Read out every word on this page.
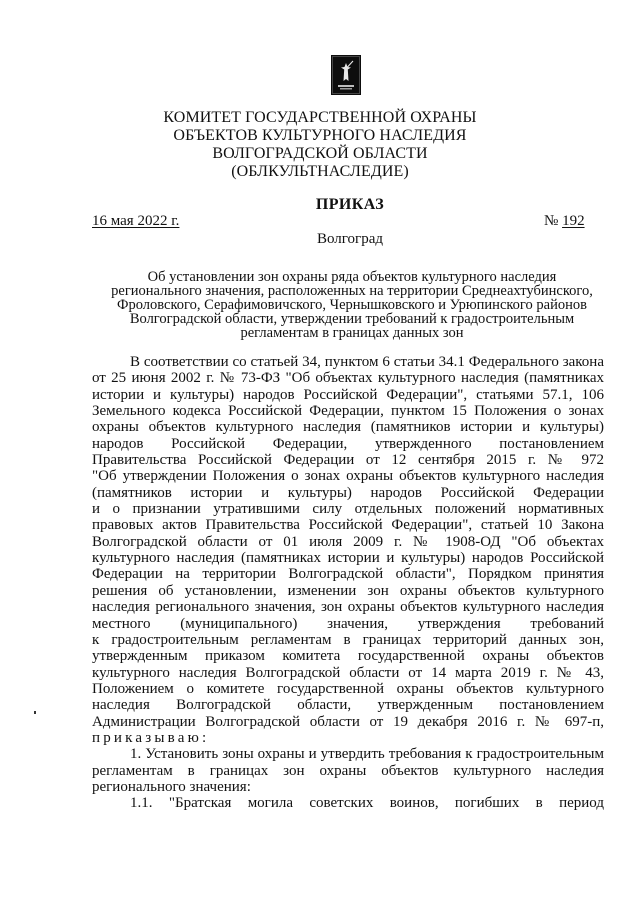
КОМИТЕТ ГОСУДАРСТВЕННОЙ ОХРАНЫ
ОБЪЕКТОВ КУЛЬТУРНОГО НАСЛЕДИЯ
ВОЛГОГРАДСКОЙ ОБЛАСТИ
(ОБЛКУЛЬТНАСЛЕДИЕ)
ПРИКАЗ
16 мая 2022 г.	№ 192
Волгоград
Об установлении зон охраны ряда объектов культурного наследия
регионального значения, расположенных на территории Среднеахтубинского,
Фроловского, Серафимовичского, Чернышковского и Урюпинского районов
Волгоградской области, утверждении требований к градостроительным
регламентам в границах данных зон
В соответствии со статьей 34, пунктом 6 статьи 34.1 Федерального закона
от 25 июня 2002 г. № 73-ФЗ "Об объектах культурного наследия (памятниках
истории и культуры) народов Российской Федерации", статьями 57.1, 106
Земельного кодекса Российской Федерации, пунктом 15 Положения о зонах
охраны объектов культурного наследия (памятников истории и культуры)
народов Российской Федерации, утвержденного постановлением
Правительства Российской Федерации от 12 сентября 2015 г. № 972
"Об утверждении Положения о зонах охраны объектов культурного наследия
(памятников истории и культуры) народов Российской Федерации
и о признании утратившими силу отдельных положений нормативных
правовых актов Правительства Российской Федерации", статьей 10 Закона
Волгоградской области от 01 июля 2009 г. № 1908-ОД "Об объектах
культурного наследия (памятниках истории и культуры) народов Российской
Федерации на территории Волгоградской области", Порядком принятия
решения об установлении, изменении зон охраны объектов культурного
наследия регионального значения, зон охраны объектов культурного наследия
местного (муниципального) значения, утверждения требований
к градостроительным регламентам в границах территорий данных зон,
утвержденным приказом комитета государственной охраны объектов
культурного наследия Волгоградской области от 14 марта 2019 г. № 43,
Положением о комитете государственной охраны объектов культурного
наследия Волгоградской области, утвержденным постановлением
Администрации Волгоградской области от 19 декабря 2016 г. № 697-п,
приказываю:
1. Установить зоны охраны и утвердить требования к градостроительным
регламентам в границах зон охраны объектов культурного наследия
регионального значения:
1.1. "Братская могила советских воинов, погибших в период
